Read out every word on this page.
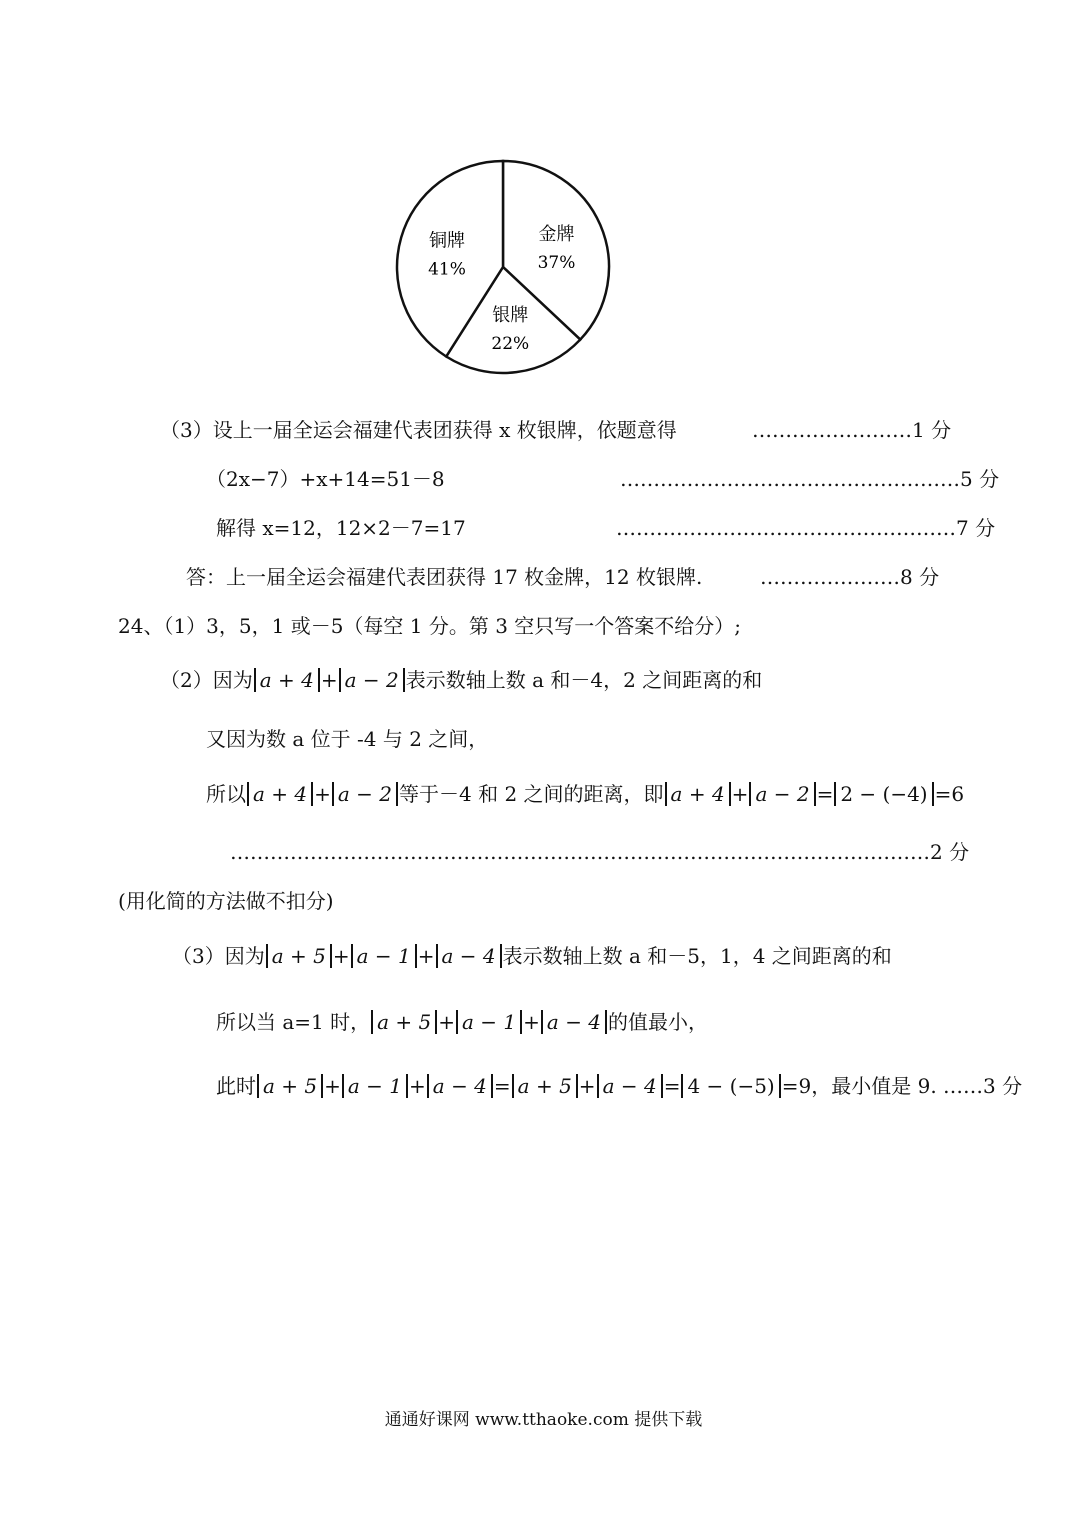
金牌
37%
银牌
22%
铜牌
41%
（3）设上一届全运会福建代表团获得 x 枚银牌，依题意得	……………………1 分
（2x−7）+x+14=51－8	……………………………………………5 分
解得 x=12，12×2－7=17	……………………………………………7 分
答：上一届全运会福建代表团获得 17 枚金牌，12 枚银牌.	…………………8 分
24、（1）3，5，1 或－5（每空 1 分。第 3 空只写一个答案不给分）;
（2）因为 a + 4 + a − 2 表示数轴上数 a 和－4，2 之间距离的和
又因为数 a 位于 -4 与 2 之间，
所以 a + 4 + a − 2 等于－4 和 2 之间的距离，即 a + 4 + a − 2 = 2 − (−4) =6
……………………………………………………………………………………………2 分
(用化简的方法做不扣分)
（3）因为 a + 5 + a − 1 + a − 4 表示数轴上数 a 和－5，1，4 之间距离的和
所以当 a=1 时， a + 5 + a − 1 + a − 4 的值最小，
此时 a + 5 + a − 1 + a − 4 = a + 5 + a − 4 = 4 − (−5) =9，最小值是 9. ……3 分
通通好课网 www.tthaoke.com 提供下载
